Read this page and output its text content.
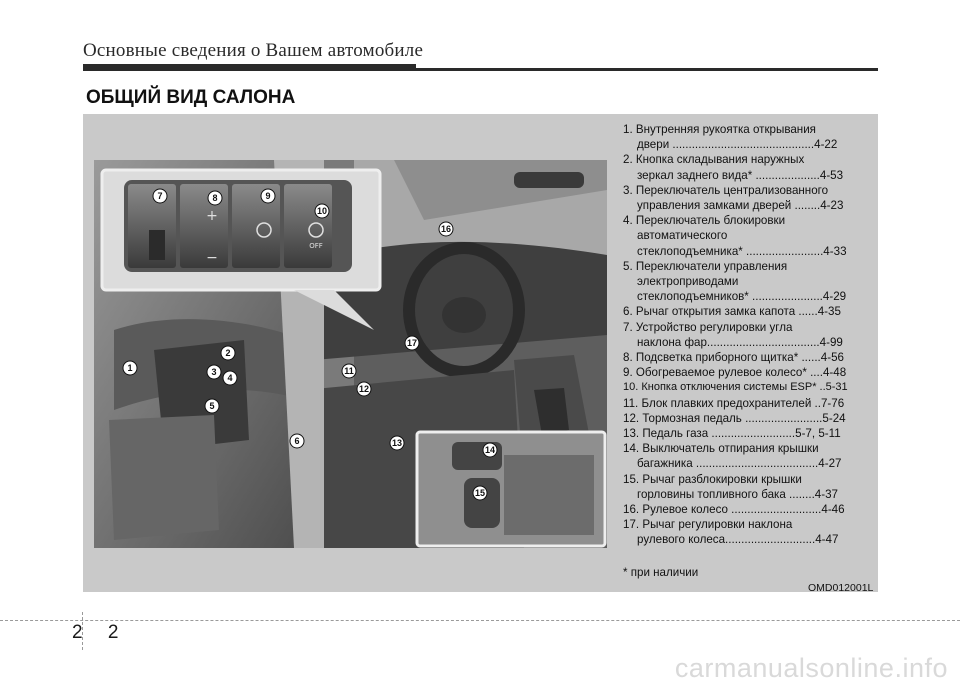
Основные сведения о Вашем автомобиле
ОБЩИЙ ВИД САЛОНА
+
−
OFF
7	8	9
10
16
2
1	3
4
5
6
17
11
12
13
14
15
1. Внутренняя рукоятка открывания
двери ............................................4-22
2. Кнопка складывания наружных
зеркал заднего вида* ....................4-53
3. Переключатель централизованного
управления замками дверей ........4-23
4. Переключатель блокировки
автоматического
стеклоподъемника* ........................4-33
5. Переключатели управления
электроприводами
стеклоподъемников* ......................4-29
6. Рычаг открытия замка капота ......4-35
7. Устройство регулировки угла
наклона фар...................................4-99
8. Подсветка приборного щитка* ......4-56
9. Обогреваемое рулевое колесо* ....4-48
10. Кнопка отключения системы ESP* ..5-31
11. Блок плавких предохранителей ..7-76
12. Тормозная педаль ........................5-24
13. Педаль газа ..........................5-7, 5-11
14. Выключатель отпирания крышки
багажника ......................................4-27
15. Рычаг разблокировки крышки
горловины топливного бака ........4-37
16. Рулевое колесо ............................4-46
17. Рычаг регулировки наклона
рулевого колеса............................4-47
* при наличии
OMD012001L
2 2
carmanualsonline.info
